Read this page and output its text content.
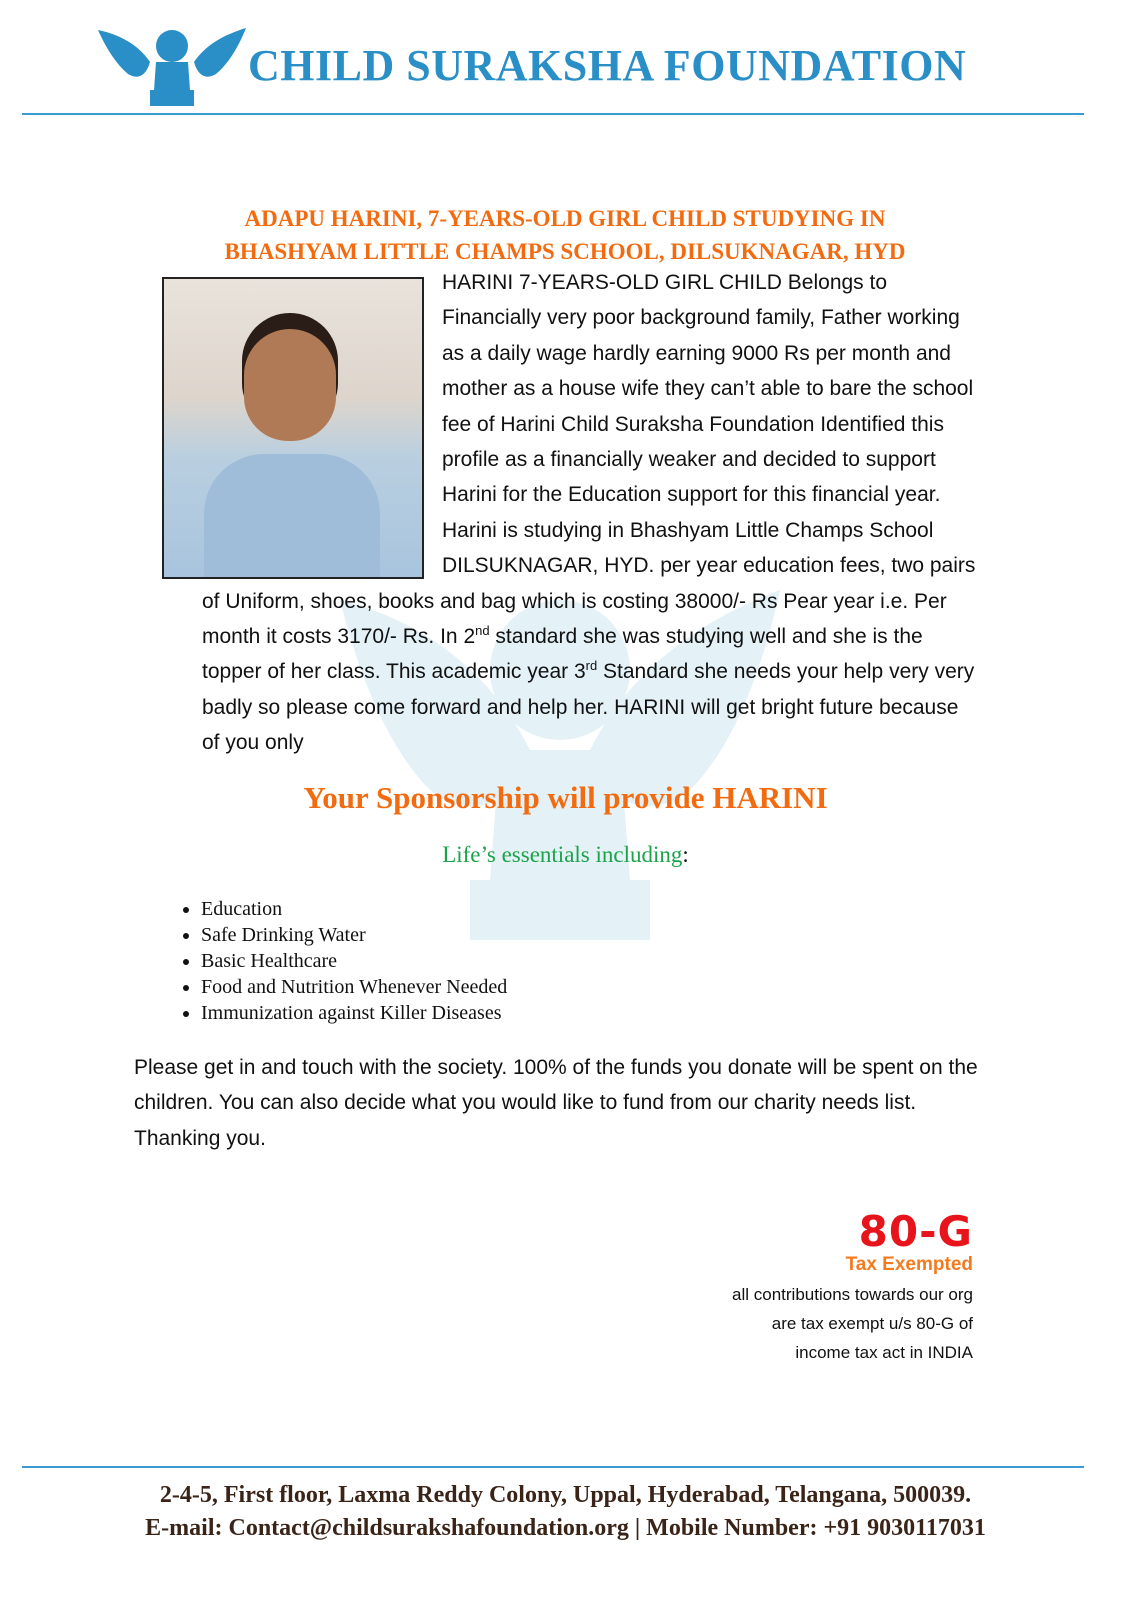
CHILD SURAKSHA FOUNDATION
ADAPU HARINI, 7-YEARS-OLD GIRL CHILD STUDYING IN
BHASHYAM LITTLE CHAMPS SCHOOL, DILSUKNAGAR, HYD

HARINI 7-YEARS-OLD GIRL CHILD Belongs to Financially very poor background family, Father working as a daily wage hardly earning 9000 Rs per month and mother as a house wife they can’t able to bare the school fee of Harini Child Suraksha Foundation Identified this profile as a financially weaker and decided to support Harini for the Education support for this financial year. Harini is studying in Bhashyam Little Champs School DILSUKNAGAR, HYD. per year education fees, two pairs of Uniform, shoes, books and bag which is costing 38000/- Rs Pear year i.e. Per month it costs 3170/- Rs. In 2nd standard she was studying well and she is the topper of her class. This academic year 3rd Standard she needs your help very very badly so please come forward and help her. HARINI will get bright future because of you only

Your Sponsorship will provide HARINI
Life’s essentials including:
• Education
• Safe Drinking Water
• Basic Healthcare
• Food and Nutrition Whenever Needed
• Immunization against Killer Diseases
Please get in and touch with the society. 100% of the funds you donate will be spent on the children. You can also decide what you would like to fund from our charity needs list. Thanking you.
80-G
Tax Exempted
all contributions towards our org
are tax exempt u/s 80-G of
income tax act in INDIA
2-4-5, First floor, Laxma Reddy Colony, Uppal, Hyderabad, Telangana, 500039.
E-mail: Contact@childsurakshafoundation.org | Mobile Number: +91 9030117031
